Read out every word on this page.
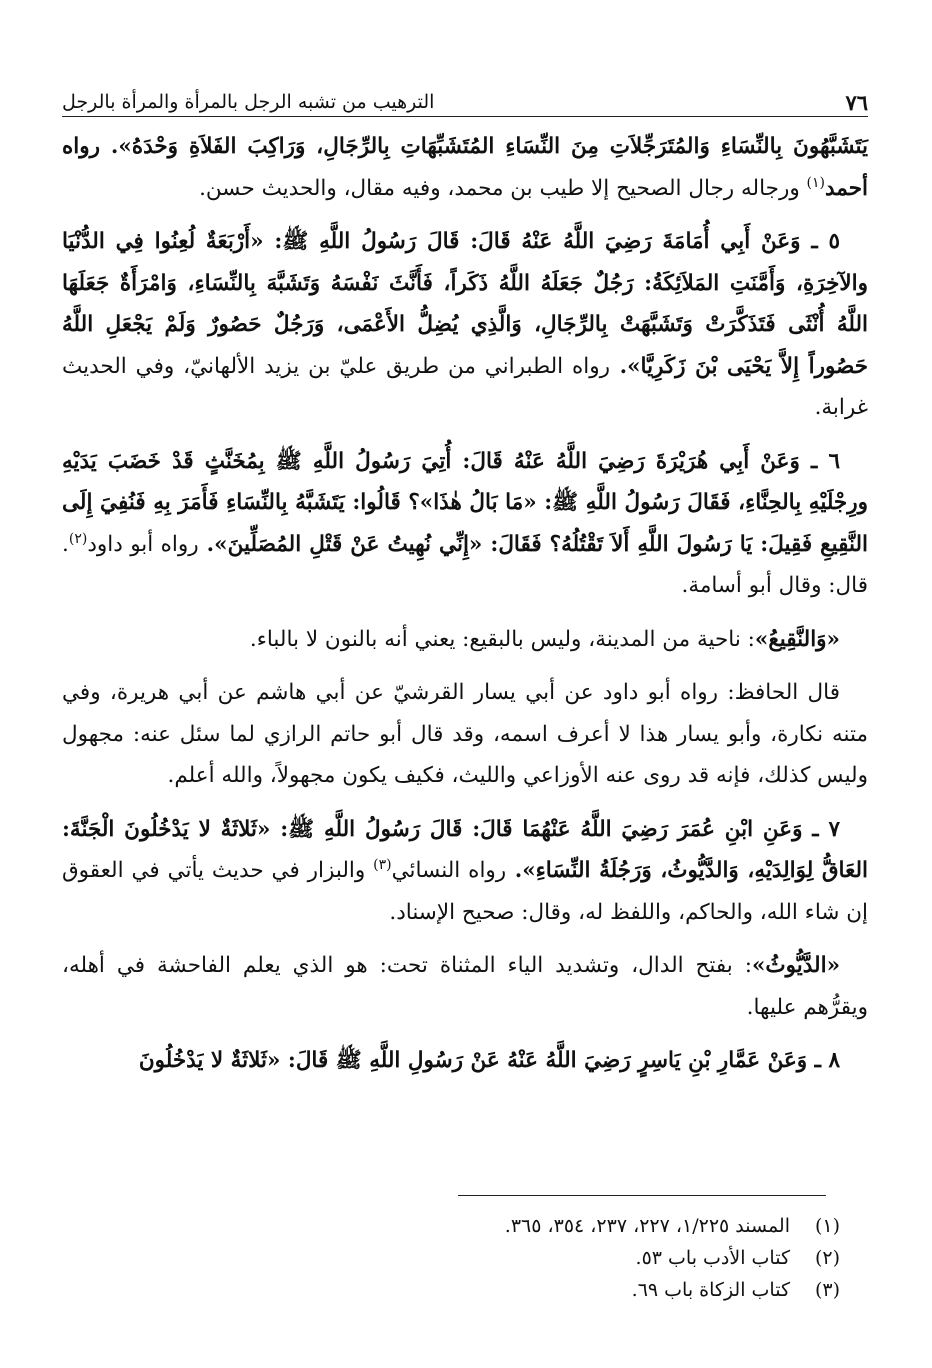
٧٦
الترهيب من تشبه الرجل بالمرأة والمرأة بالرجل

يَتَشَبَّهُونَ بِالنِّسَاءِ وَالمُتَرَجِّلاَتِ مِنَ النِّسَاءِ المُتَشَبِّهَاتِ بِالرِّجَالِ، وَرَاكِبَ الفَلاَةِ وَحْدَهُ». رواه أحمد$^{(١)}$ ورجاله رجال الصحيح إلا طيب بن محمد، وفيه مقال، والحديث حسن.

٥ ـ وَعَنْ أَبِي أُمَامَةَ رَضِيَ اللَّهُ عَنْهُ قَالَ: قَالَ رَسُولُ اللَّهِ ﷺ: «أَرْبَعَةٌ لُعِنُوا فِي الدُّنْيَا والآخِرَةِ، وَأَمَّنَتِ المَلاَئِكَةُ: رَجُلٌ جَعَلَهُ اللَّهُ ذَكَراً، فَأَنَّثَ نَفْسَهُ وَتَشَبَّهَ بِالنِّسَاءِ، وَامْرَأَةٌ جَعَلَهَا اللَّهُ أُنْثَى فَتَذَكَّرَتْ وَتَشَبَّهَتْ بِالرِّجَالِ، وَالَّذِي يُضِلُّ الأَعْمَى، وَرَجُلٌ حَصُورٌ وَلَمْ يَجْعَلِ اللَّهُ حَصُوراً إِلاَّ يَحْيَى بْنَ زَكَرِيَّا». رواه الطبراني من طريق عليّ بن يزيد الألهانيّ، وفي الحديث غرابة.

٦ ـ وَعَنْ أَبِي هُرَيْرَةَ رَضِيَ اللَّهُ عَنْهُ قَالَ: أُتِيَ رَسُولُ اللَّهِ ﷺ بِمُخَنَّثٍ قَدْ خَضَبَ يَدَيْهِ ورِجْلَيْهِ بِالحِنَّاءِ، فَقَالَ رَسُولُ اللَّهِ ﷺ: «مَا بَالُ هٰذَا»؟ قَالُوا: يَتَشَبَّهُ بِالنِّسَاءِ فَأَمَرَ بِهِ فَنُفِيَ إِلَى النَّقِيعِ فَقِيلَ: يَا رَسُولَ اللَّهِ أَلاَ تَقْتُلُهُ؟ فَقَالَ: «إِنِّي نُهِيتُ عَنْ قَتْلِ المُصَلِّينَ». رواه أبو داود$^{(٢)}$. قال: وقال أبو أسامة.

«وَالنَّقِيعُ»: ناحية من المدينة، وليس بالبقيع: يعني أنه بالنون لا بالباء.

قال الحافظ: رواه أبو داود عن أبي يسار القرشيّ عن أبي هاشم عن أبي هريرة، وفي متنه نكارة، وأبو يسار هذا لا أعرف اسمه، وقد قال أبو حاتم الرازي لما سئل عنه: مجهول وليس كذلك، فإنه قد روى عنه الأوزاعي والليث، فكيف يكون مجهولاً، والله أعلم.

٧ ـ وَعَنِ ابْنِ عُمَرَ رَضِيَ اللَّهُ عَنْهُمَا قَالَ: قَالَ رَسُولُ اللَّهِ ﷺ: «ثَلاثَةٌ لا يَدْخُلُونَ الْجَنَّةَ: العَاقُّ لِوَالِدَيْهِ، وَالدَّيُّوثُ، وَرَجُلَةُ النِّسَاءِ». رواه النسائي$^{(٣)}$ والبزار في حديث يأتي في العقوق إن شاء الله، والحاكم، واللفظ له، وقال: صحيح الإسناد.

«الدَّيُّوثُ»: بفتح الدال، وتشديد الياء المثناة تحت: هو الذي يعلم الفاحشة في أهله، ويقرُّهم عليها.

٨ ـ وَعَنْ عَمَّارِ بْنِ يَاسِرٍ رَضِيَ اللَّهُ عَنْهُ عَنْ رَسُولِ اللَّهِ ﷺ قَالَ: «ثَلاثَةٌ لا يَدْخُلُونَ

(١)
المسند ١/٢٢٥، ٢٢٧، ٢٣٧، ٣٥٤، ٣٦٥.
(٢)
كتاب الأدب باب ٥٣.
(٣)
كتاب الزكاة باب ٦٩.
